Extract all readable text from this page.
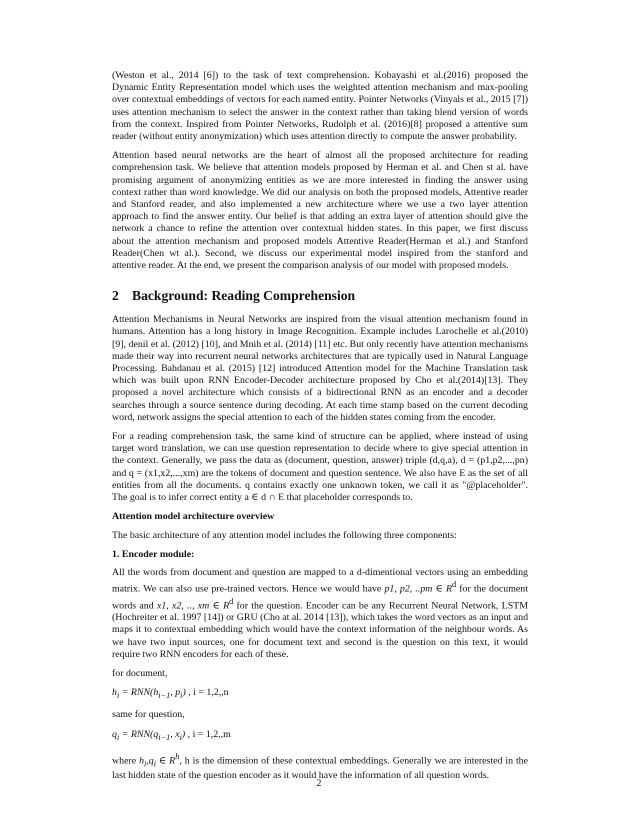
(Weston et al., 2014 [6]) to the task of text comprehension. Kobayashi et al.(2016) proposed the Dynamic Entity Representation model which uses the weighted attention mechanism and max-pooling over contextual embeddings of vectors for each named entity. Pointer Networks (Vinyals et al., 2015 [7]) uses attention mechanism to select the answer in the context rather than taking blend version of words from the context. Inspired from Pointer Networks, Rudolph et al. (2016)[8] proposed a attentive sum reader (without entity anonymization) which uses attention directly to compute the answer probability.

Attention based neural networks are the heart of almost all the proposed architecture for reading comprehension task. We believe that attention models proposed by Herman et al. and Chen st al. have promising argument of anonymizing entities as we are more interested in finding the answer using context rather than word knowledge. We did our analysis on both the proposed models, Attentive reader and Stanford reader, and also implemented a new architecture where we use a two layer attention approach to find the answer entity. Our belief is that adding an extra layer of attention should give the network a chance to refine the attention over contextual hidden states. In this paper, we first discuss about the attention mechanism and proposed models Attentive Reader(Herman et al.) and Stanford Reader(Chen wt al.). Second, we discuss our experimental model inspired from the stanford and attentive reader. At the end, we present the comparison analysis of our model with proposed models.

2 Background: Reading Comprehension

Attention Mechanisms in Neural Networks are inspired from the visual attention mechanism found in humans. Attention has a long history in Image Recognition. Example includes Larochelle et al.(2010) [9], denil et al. (2012) [10], and Mnih et al. (2014) [11] etc. But only recently have attention mechanisms made their way into recurrent neural networks architectures that are typically used in Natural Language Processing. Bahdanau et al. (2015) [12] introduced Attention model for the Machine Translation task which was built upon RNN Encoder-Decoder architecture proposed by Cho et al.(2014)[13]. They proposed a novel architecture which consists of a bidirectional RNN as an encoder and a decoder searches through a source sentence during decoding. At each time stamp based on the current decoding word, network assigns the special attention to each of the hidden states coming from the encoder.

For a reading comprehension task, the same kind of structure can be applied, where instead of using target word translation, we can use question representation to decide where to give special attention in the context. Generally, we pass the data as (document, question, answer) triple (d,q,a), d = (p1,p2,...,pn) and q = (x1,x2,...,xm) are the tokens of document and question sentence. We also have E as the set of all entities from all the documents. q contains exactly one unknown token, we call it as "@placeholder". The goal is to infer correct entity a ∈ d ∩ E that placeholder corresponds to.

Attention model architecture overview

The basic architecture of any attention model includes the following three components:

1. Encoder module:

All the words from document and question are mapped to a d-dimentional vectors using an embedding matrix. We can also use pre-trained vectors. Hence we would have p1, p2, ..pm ∈ $R^d$ for the document words and x1, x2, .., xm ∈ $R^d$ for the question. Encoder can be any Recurrent Neural Network, LSTM (Hochreiter et al. 1997 [14]) or GRU (Cho at al. 2014 [13]), which takes the word vectors as an input and maps it to contextual embedding which would have the context information of the neighbour words. As we have two input sources, one for document text and second is the question on this text, it would require two RNN encoders for each of these.

for document,

$h_i = RNN(h_{i-1}$, $p_i$) , i = 1,2,,n

same for question,

$q_i = RNN(q_{i-1}$, $x_i$) , i = 1,2,,m

where $h_i,q_i$ ∈ $R^h$, h is the dimension of these contextual embeddings. Generally we are interested in the last hidden state of the question encoder as it would have the information of all question words.

2
